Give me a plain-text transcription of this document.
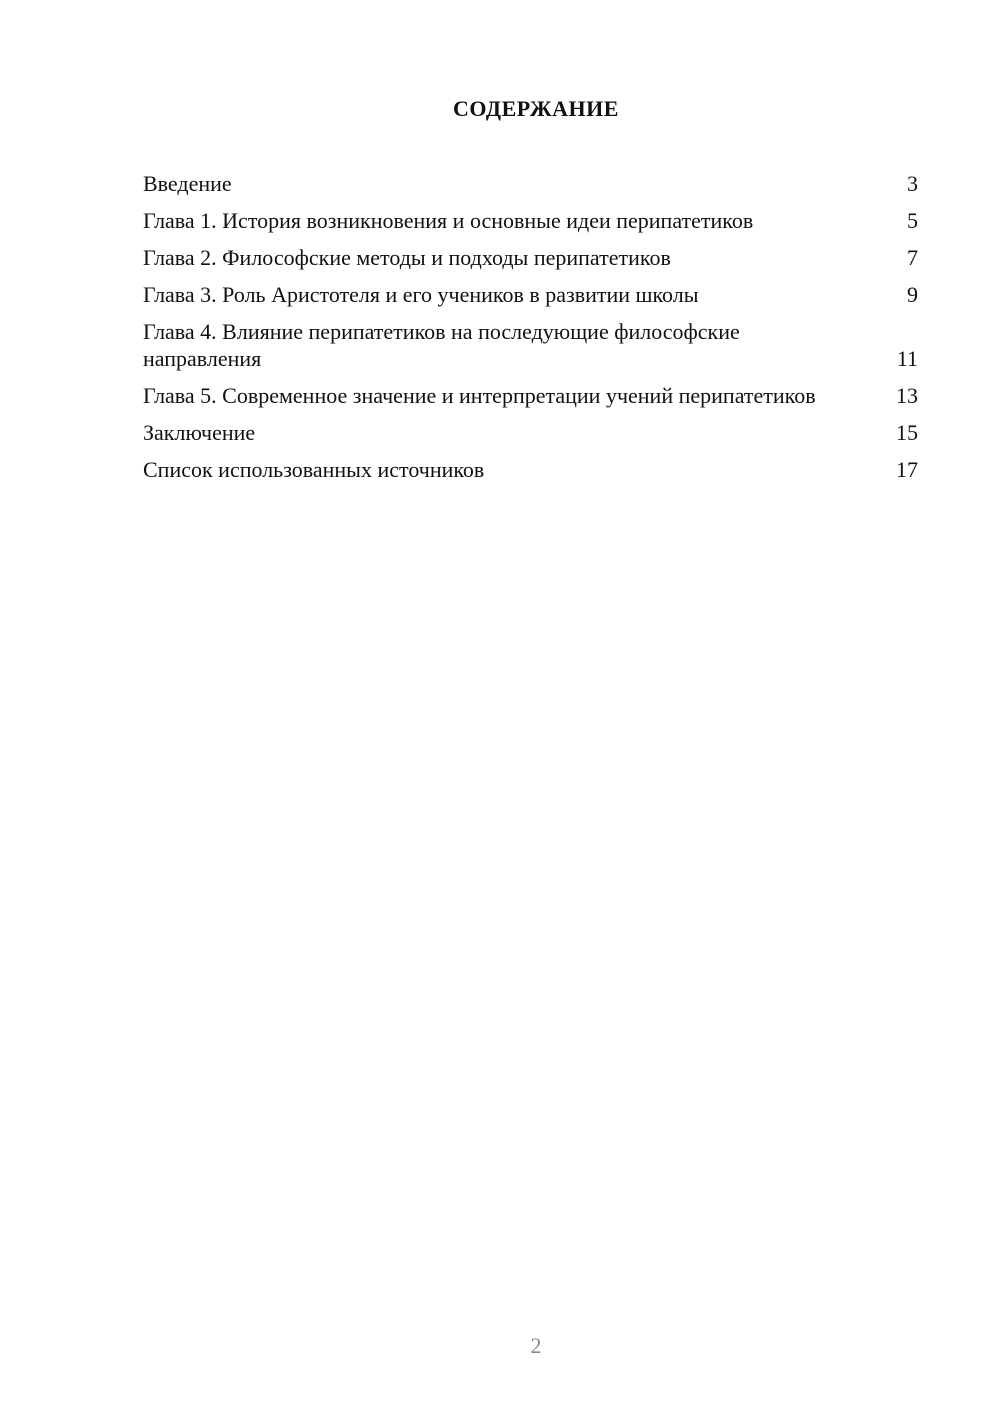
СОДЕРЖАНИЕ
Введение	3
Глава 1. История возникновения и основные идеи перипатетиков	5
Глава 2. Философские методы и подходы перипатетиков	7
Глава 3. Роль Аристотеля и его учеников в развитии школы	9
Глава 4. Влияние перипатетиков на последующие философские направления	11
Глава 5. Современное значение и интерпретации учений перипатетиков	13
Заключение	15
Список использованных источников	17
2
